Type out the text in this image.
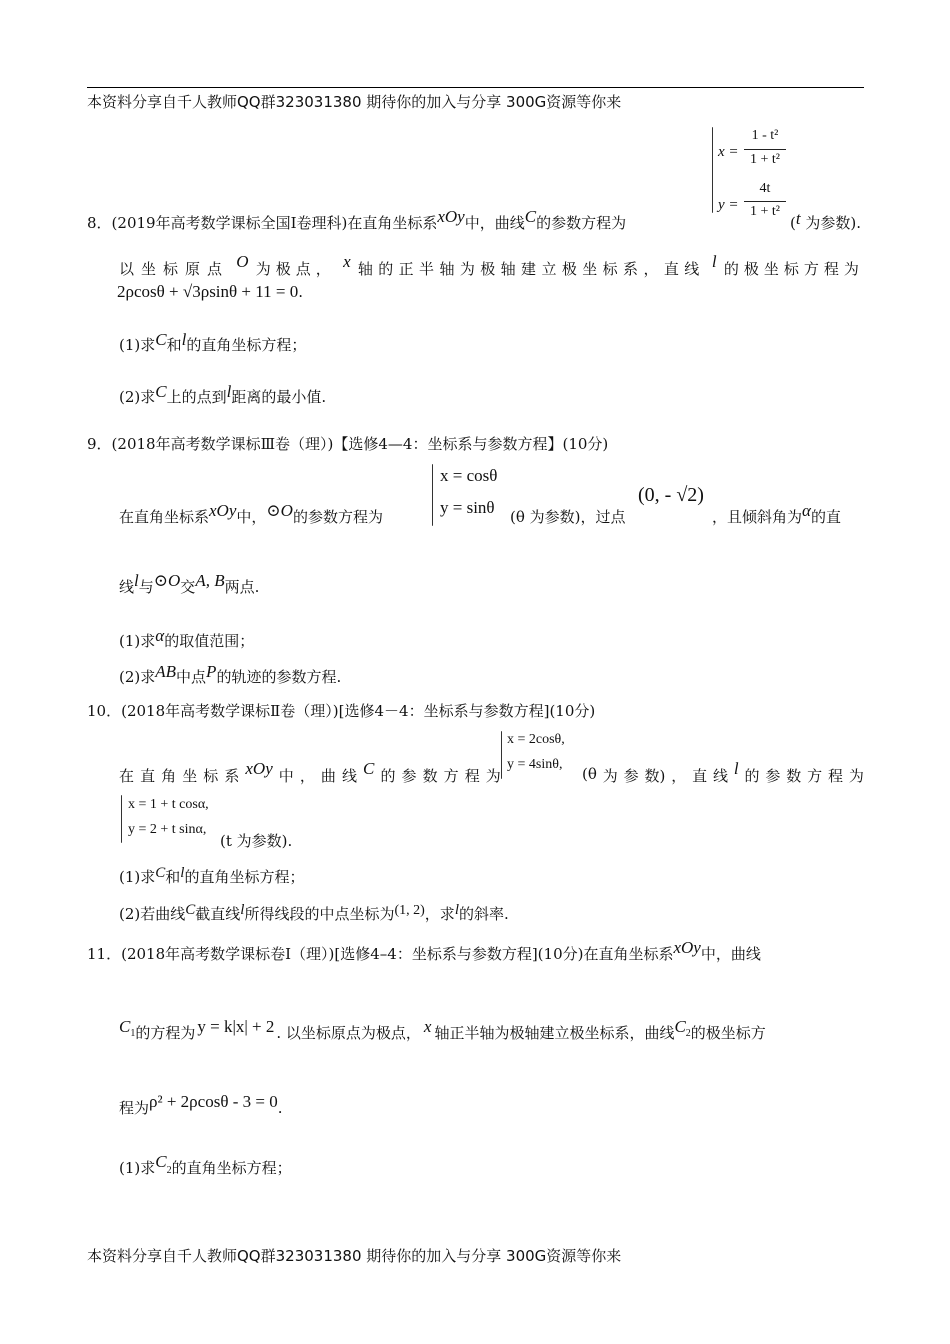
本资料分享自千人教师QQ群323031380 期待你的加入与分享 300G资源等你来
x =
1 - t²
1 + t²
y =
4t
1 + t²
8．(2019年高考数学课标全国Ⅰ卷理科)在直角坐标系xOy中，曲线C的参数方程为	(t 为参数).
以坐标原点 O 为极点， x 轴的正半轴为极轴建立极坐标系，直线 l 的极坐标方程为
2ρcosθ + √3ρsinθ + 11 = 0.
(1)求C和l的直角坐标方程；
(2)求C上的点到l距离的最小值.
9．(2018年高考数学课标Ⅲ卷（理）)【选修4—4：坐标系与参数方程】(10分)
x = cosθ
y = sinθ
在直角坐标系xOy中，⊙O的参数方程为	(θ 为参数)，过点
(0, - √2)
，且倾斜角为α的直
线l与⊙O交A, B两点.
(1)求α的取值范围；
(2)求AB中点P的轨迹的参数方程.
10．(2018年高考数学课标Ⅱ卷（理）)[选修4－4：坐标系与参数方程](10分)
x = 2cosθ,
y = 4sinθ,
在 直 角 坐 标 系 xOy 中 ， 曲 线 C 的 参 数 方 程 为	(θ 为 参 数) ， 直 线 l 的 参 数 方 程 为
x = 1 + t cosα,
y = 2 + t sinα,
(t 为参数).
(1)求C和l的直角坐标方程；
(2)若曲线C截直线l所得线段的中点坐标为(1, 2)，求l的斜率.
11．(2018年高考数学课标卷Ⅰ（理）)[选修4–4：坐标系与参数方程](10分)在直角坐标系xOy中，曲线
C 1 的方程为 y = k|x| + 2 . 以坐标原点为极点， x 轴正半轴为极轴建立极坐标系，曲线 C 2 的极坐标方
程为ρ² + 2ρcosθ - 3 = 0.
(1)求C2的直角坐标方程；
本资料分享自千人教师QQ群323031380 期待你的加入与分享 300G资源等你来
